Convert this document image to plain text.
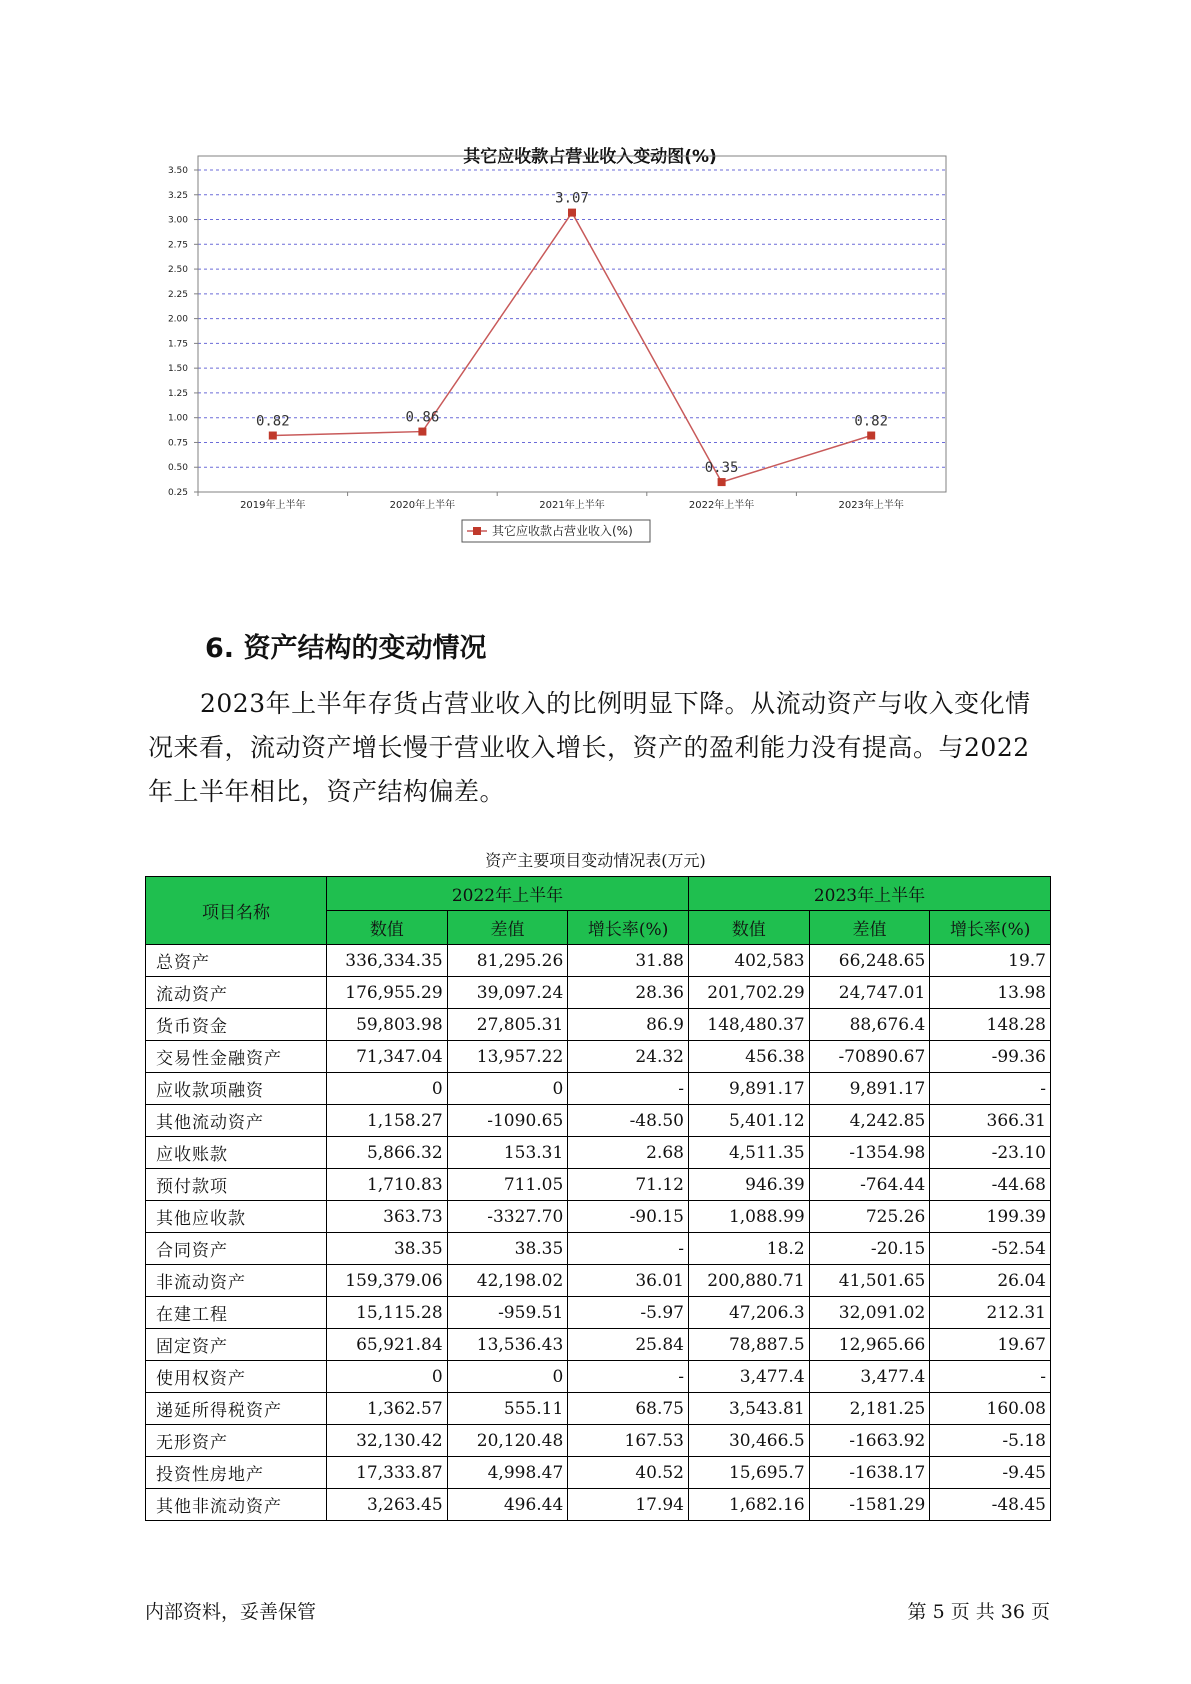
其它应收款占营业收入变动图(%)
0.25
0.50
0.75
1.00
1.25
1.50
1.75
2.00
2.25
2.50
2.75
3.00
3.25
3.50
2019年上半年	2020年上半年	2021年上半年	2022年上半年	2023年上半年
0.82	0.86
3.07
0.35
0.82
其它应收款占营业收入(%)
6. 资产结构的变动情况

2023年上半年存货占营业收入的比例明显下降。从流动资产与收入变化情况来看，流动资产增长慢于营业收入增长，资产的盈利能力没有提高。与2022年上半年相比，资产结构偏差。

资产主要项目变动情况表(万元)
项目名称	2022年上半年			2023年上半年		
	数值	差值	增长率(%)	数值	差值	增长率(%)
总资产	336,334.35	81,295.26	31.88	402,583	66,248.65	19.7
流动资产	176,955.29	39,097.24	28.36	201,702.29	24,747.01	13.98
货币资金	59,803.98	27,805.31	86.9	148,480.37	88,676.4	148.28
交易性金融资产	71,347.04	13,957.22	24.32	456.38	-70890.67	-99.36
应收款项融资	0	0	-	9,891.17	9,891.17	-
其他流动资产	1,158.27	-1090.65	-48.50	5,401.12	4,242.85	366.31
应收账款	5,866.32	153.31	2.68	4,511.35	-1354.98	-23.10
预付款项	1,710.83	711.05	71.12	946.39	-764.44	-44.68
其他应收款	363.73	-3327.70	-90.15	1,088.99	725.26	199.39
合同资产	38.35	38.35	-	18.2	-20.15	-52.54
非流动资产	159,379.06	42,198.02	36.01	200,880.71	41,501.65	26.04
在建工程	15,115.28	-959.51	-5.97	47,206.3	32,091.02	212.31
固定资产	65,921.84	13,536.43	25.84	78,887.5	12,965.66	19.67
使用权资产	0	0	-	3,477.4	3,477.4	-
递延所得税资产	1,362.57	555.11	68.75	3,543.81	2,181.25	160.08
无形资产	32,130.42	20,120.48	167.53	30,466.5	-1663.92	-5.18
投资性房地产	17,333.87	4,998.47	40.52	15,695.7	-1638.17	-9.45
其他非流动资产	3,263.45	496.44	17.94	1,682.16	-1581.29	-48.45
内部资料，妥善保管	第 5 页 共 36 页
